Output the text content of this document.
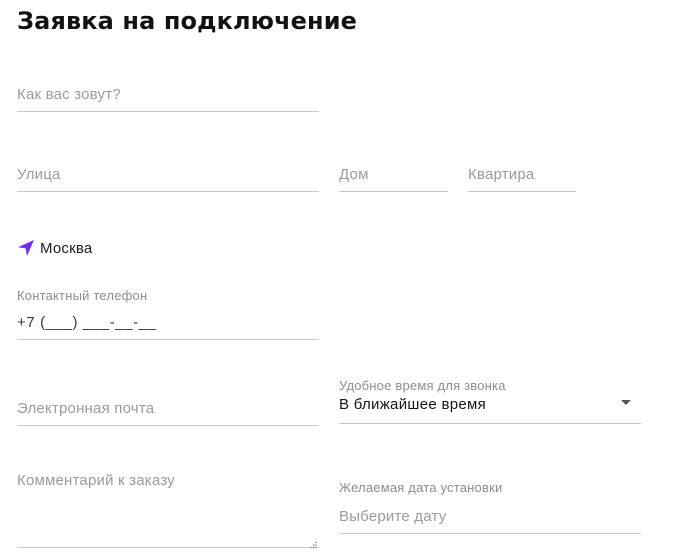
Заявка на подключение
Как вас зовут?
Улица
Дом
Квартира
Москва
Контактный телефон
+7 (___) ___-__-__
Электронная почта
Удобное время для звонка
В ближайшее время
Комментарий к заказу
Желаемая дата установки
Выберите дату
